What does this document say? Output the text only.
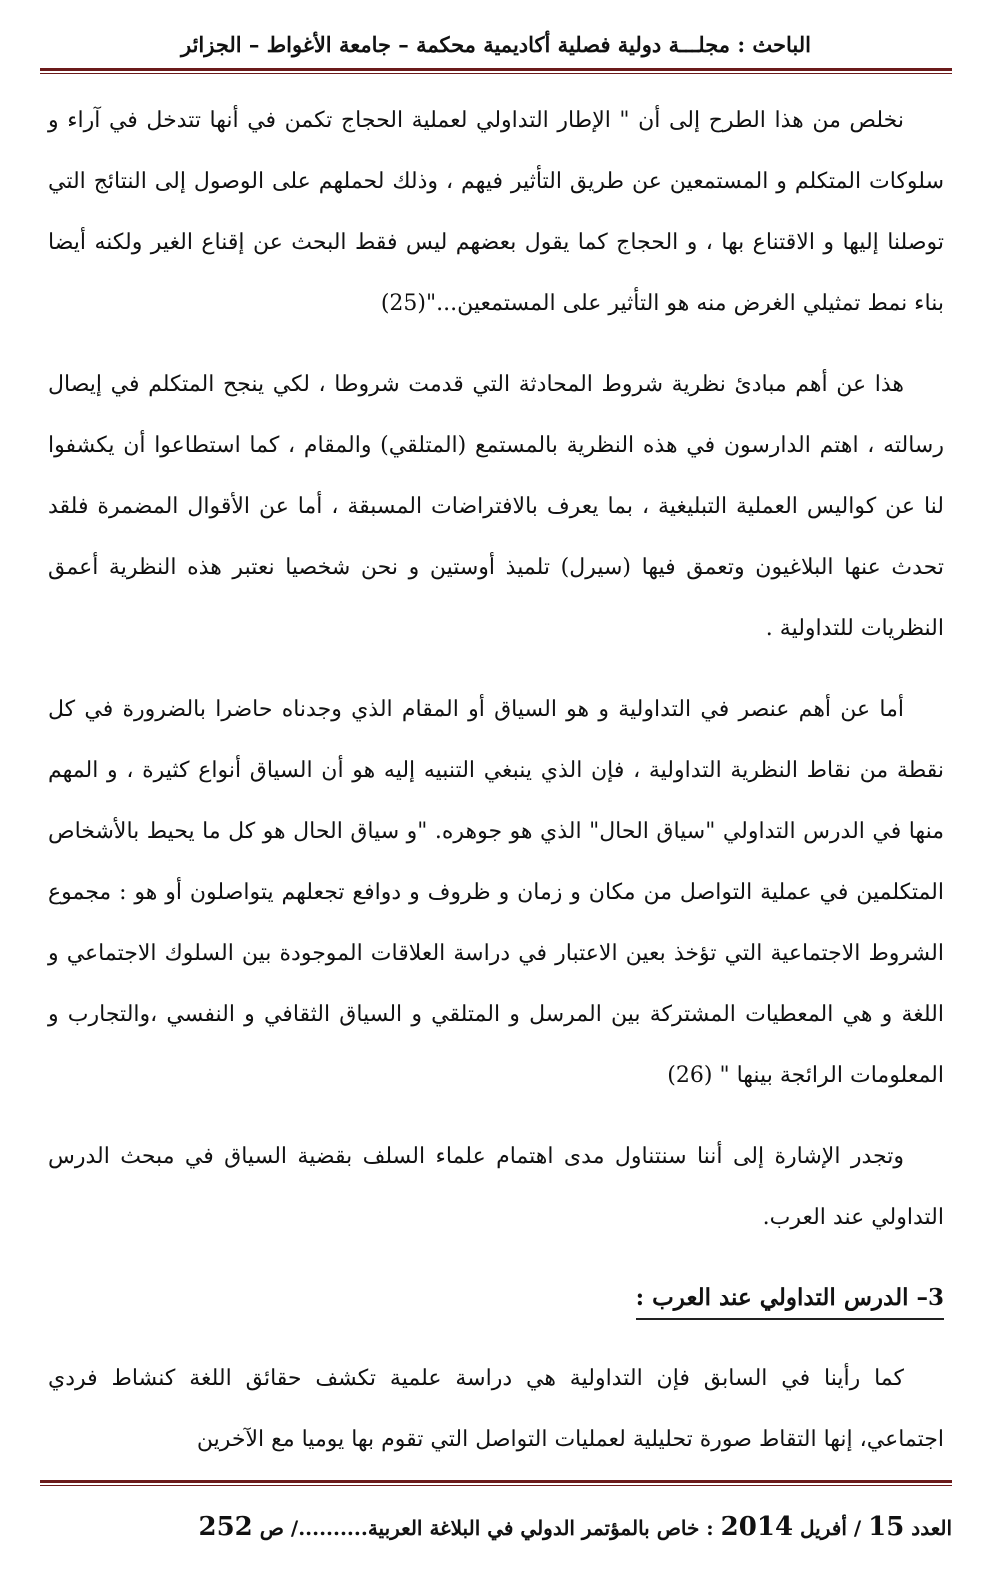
الباحث : مجلـــة دولية فصلية أكاديمية محكمة – جامعة الأغواط – الجزائر

نخلص من هذا الطرح إلى أن " الإطار التداولي لعملية الحجاج تكمن في أنها تتدخل في آراء و سلوكات المتكلم و المستمعين عن طريق التأثير فيهم ، وذلك لحملهم على الوصول إلى النتائج التي توصلنا إليها و الاقتناع بها ، و الحجاج كما يقول بعضهم ليس فقط البحث عن إقناع الغير ولكنه أيضا بناء نمط تمثيلي الغرض منه هو التأثير على المستمعين..."(25)

هذا عن أهم مبادئ نظرية شروط المحادثة التي قدمت شروطا ، لكي ينجح المتكلم في إيصال رسالته ، اهتم الدارسون في هذه النظرية بالمستمع (المتلقي) والمقام ، كما استطاعوا أن يكشفوا لنا عن كواليس العملية التبليغية ، بما يعرف بالافتراضات المسبقة ، أما عن الأقوال المضمرة فلقد تحدث عنها البلاغيون وتعمق فيها (سيرل) تلميذ أوستين و نحن شخصيا نعتبر هذه النظرية أعمق النظريات للتداولية .

أما عن أهم عنصر في التداولية و هو السياق أو المقام الذي وجدناه حاضرا بالضرورة في كل نقطة من نقاط النظرية التداولية ، فإن الذي ينبغي التنبيه إليه هو أن السياق أنواع كثيرة ، و المهم منها في الدرس التداولي "سياق الحال" الذي هو جوهره. "و سياق الحال هو كل ما يحيط بالأشخاص المتكلمين في عملية التواصل من مكان و زمان و ظروف و دوافع تجعلهم يتواصلون أو هو : مجموع الشروط الاجتماعية التي تؤخذ بعين الاعتبار في دراسة العلاقات الموجودة بين السلوك الاجتماعي و اللغة و هي المعطيات المشتركة بين المرسل و المتلقي و السياق الثقافي و النفسي ،والتجارب و المعلومات الرائجة بينها " (26)

وتجدر الإشارة إلى أننا سنتناول مدى اهتمام علماء السلف بقضية السياق في مبحث الدرس التداولي عند العرب.

3– الدرس التداولي عند العرب :

كما رأينا في السابق فإن التداولية هي دراسة علمية تكشف حقائق اللغة كنشاط فردي اجتماعي، إنها التقاط صورة تحليلية لعمليات التواصل التي تقوم بها يوميا مع الآخرين

العدد 15 / أفريل 2014 : خاص بالمؤتمر الدولي في البلاغة العربية........../ ص 252
